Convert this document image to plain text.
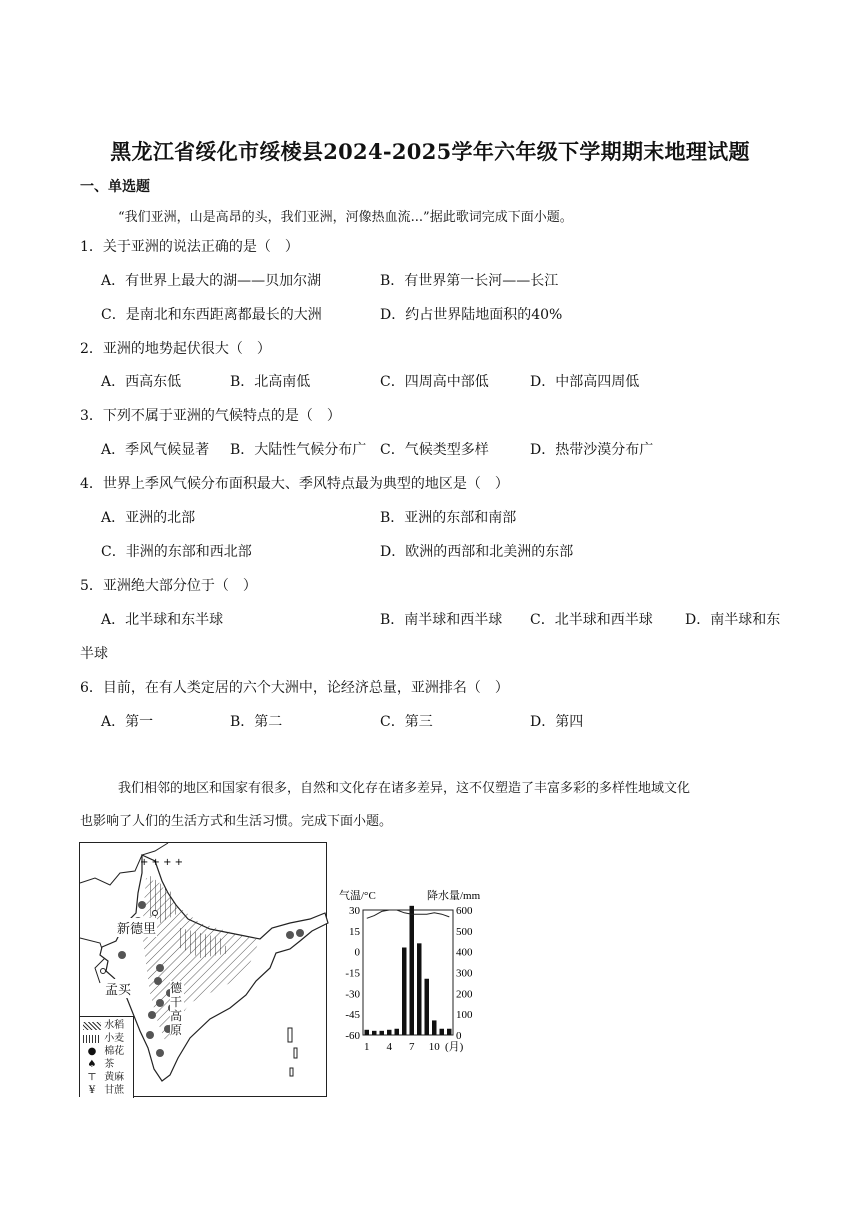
黑龙江省绥化市绥棱县2024-2025学年六年级下学期期末地理试题
一、单选题
“我们亚洲，山是高昂的头，我们亚洲，河像热血流...”据此歌词完成下面小题。
1．关于亚洲的说法正确的是（　）
A．有世界上最大的湖——贝加尔湖	B．有世界第一长河——长江
C．是南北和东西距离都最长的大洲	D．约占世界陆地面积的40%
2．亚洲的地势起伏很大（　）
A．西高东低	B．北高南低	C．四周高中部低	D．中部高四周低
3．下列不属于亚洲的气候特点的是（　）
A．季风气候显著 B．大陆性气候分布广 C．气候类型多样	D．热带沙漠分布广
4．世界上季风气候分布面积最大、季风特点最为典型的地区是（　）
A．亚洲的北部	B．亚洲的东部和南部
C．非洲的东部和西北部	D．欧洲的西部和北美洲的东部
5．亚洲绝大部分位于（　）
A．北半球和东半球	B．南半球和西半球 C．北半球和西半球 D．南半球和东
半球
6．目前，在有人类定居的六个大洲中，论经济总量，亚洲排名（　）
A．第一	B．第二	C．第三	D．第四
我们相邻的地区和国家有很多，自然和文化存在诸多差异，这不仅塑造了丰富多彩的多样性地域文化
也影响了人们的生活方式和生活习惯。完成下面小题。
+ + + +
新德里
孟买	德
干
高
原
水稻
小麦
● 棉花
♠ 茶
⊤ 黄麻
¥ 甘蔗
气温/°C	降水量/mm
30
15
0
-15
-30
-45
-60
600
500
400
300
200
100
0
1 4 7 10 (月)
